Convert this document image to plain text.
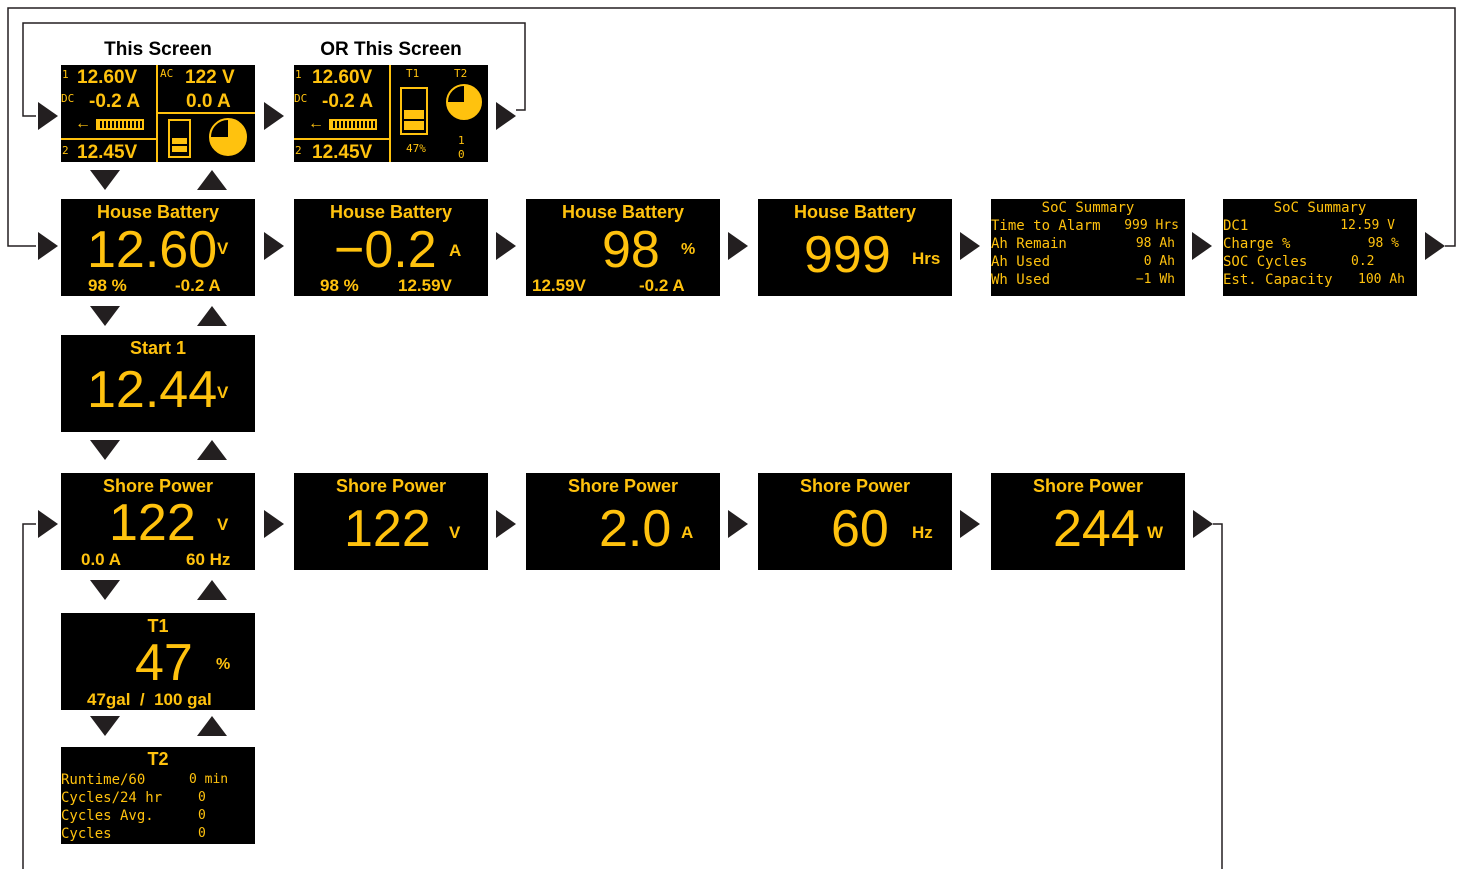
This Screen	OR This Screen
1 12.60V
DC -0.2 A
←
2 12.45V
AC 122 V
0.0 A
1 12.60V
DC -0.2 A
←
2 12.45V
T1	T2
47%
1
0
House Battery
12.60 V
98 %	-0.2 A
House Battery
−0.2 A
98 % 12.59V
House Battery
98 %
12.59V	-0.2 A
House Battery
999 Hrs
SoC Summary
Time to Alarm 999 Hrs
Ah Remain	98 Ah
Ah Used	0 Ah
Wh Used	−1 Wh
SoC Summary
DC1	12.59 V
Charge %	98 %
SOC Cycles	0.2
Est. Capacity 100 Ah
Start 1
12.44 V
Shore Power
122 V
0.0 A	60 Hz
Shore Power
122 V
Shore Power
2.0 A
Shore Power
60 Hz
Shore Power
244 W
T1
47 %
47gal  /  100 gal
T2
Runtime/60	0 min
Cycles/24 hr	0
Cycles Avg.	0
Cycles	0
